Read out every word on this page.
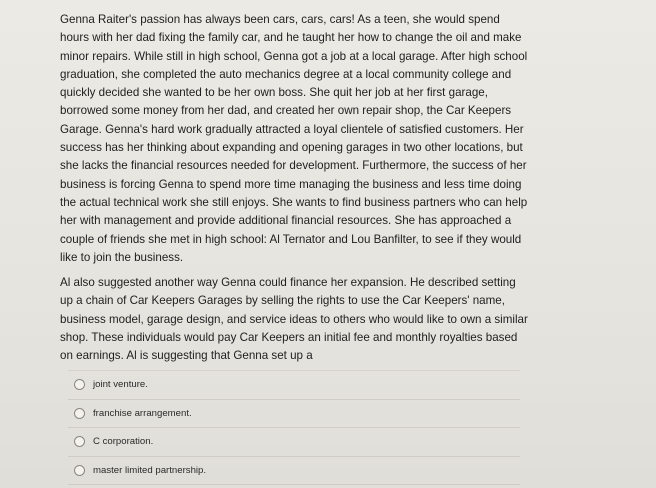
Genna Raiter's passion has always been cars, cars, cars! As a teen, she would spend hours with her dad fixing the family car, and he taught her how to change the oil and make minor repairs. While still in high school, Genna got a job at a local garage. After high school graduation, she completed the auto mechanics degree at a local community college and quickly decided she wanted to be her own boss. She quit her job at her first garage, borrowed some money from her dad, and created her own repair shop, the Car Keepers Garage. Genna's hard work gradually attracted a loyal clientele of satisfied customers. Her success has her thinking about expanding and opening garages in two other locations, but she lacks the financial resources needed for development. Furthermore, the success of her business is forcing Genna to spend more time managing the business and less time doing the actual technical work she still enjoys. She wants to find business partners who can help her with management and provide additional financial resources. She has approached a couple of friends she met in high school: Al Ternator and Lou Banfilter, to see if they would like to join the business.

Al also suggested another way Genna could finance her expansion. He described setting up a chain of Car Keepers Garages by selling the rights to use the Car Keepers' name, business model, garage design, and service ideas to others who would like to own a similar shop. These individuals would pay Car Keepers an initial fee and monthly royalties based on earnings. Al is suggesting that Genna set up a

joint venture.
franchise arrangement.
C corporation.
master limited partnership.
